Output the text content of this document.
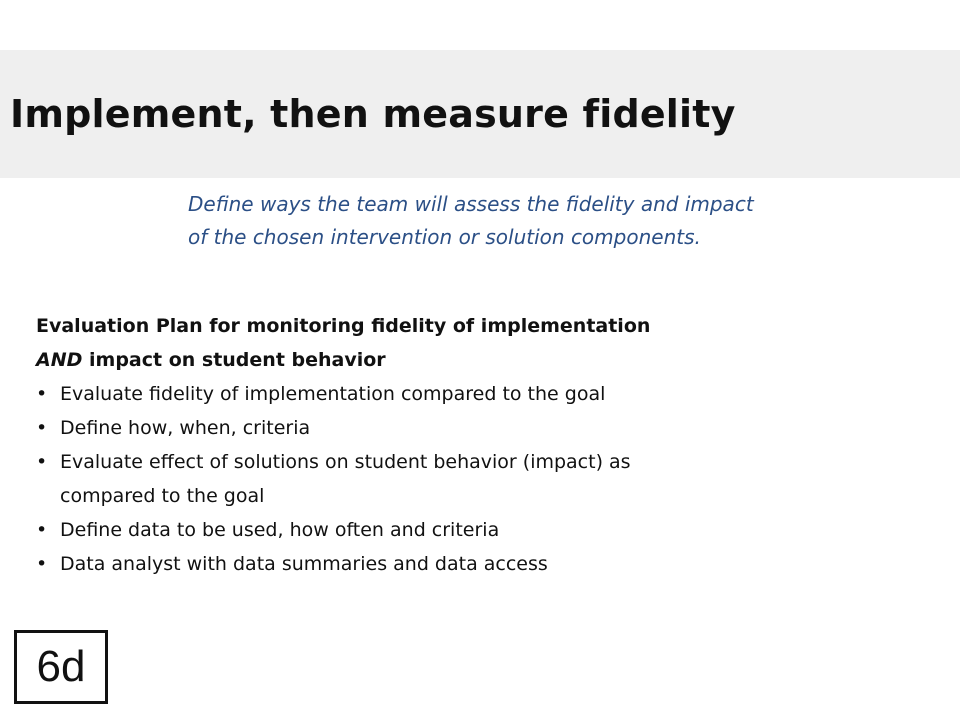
Implement, then measure fidelity

Define ways the team will assess the fidelity and impact
of the chosen intervention or solution components.

Evaluation Plan for monitoring fidelity of implementation
AND impact on student behavior

• Evaluate fidelity of implementation compared to the goal
• Define how, when, criteria
• Evaluate effect of solutions on student behavior (impact) as
compared to the goal
• Define data to be used, how often and criteria
• Data analyst with data summaries and data access
6d
